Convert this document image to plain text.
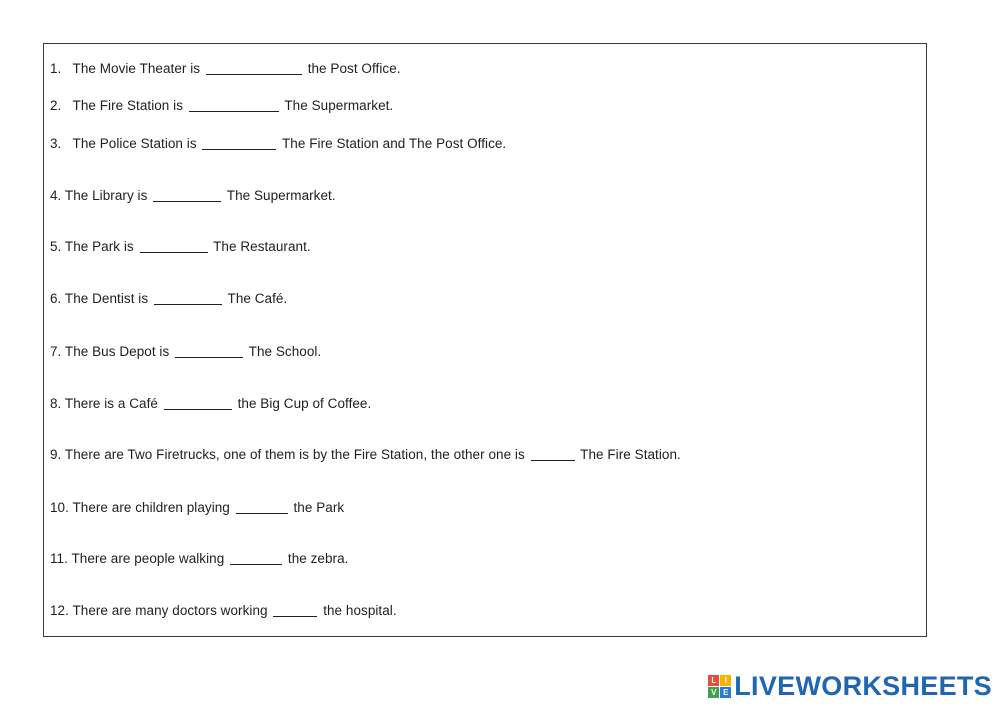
1.   The Movie Theater is	the Post Office.
2.   The Fire Station is	The Supermarket.
3.   The Police Station is	The Fire Station and The Post Office.
4. The Library is	The Supermarket.
5. The Park is	The Restaurant.
6. The Dentist is	The Café.
7. The Bus Depot is	The School.
8. There is a Café	the Big Cup of Coffee.
9. There are Two Firetrucks, one of them is by the Fire Station, the other one is	The Fire Station.
10. There are children playing	the Park
11. There are people walking	the zebra.
12. There are many doctors working	the hospital.
L	I
V E LIVEWORKSHEETS
